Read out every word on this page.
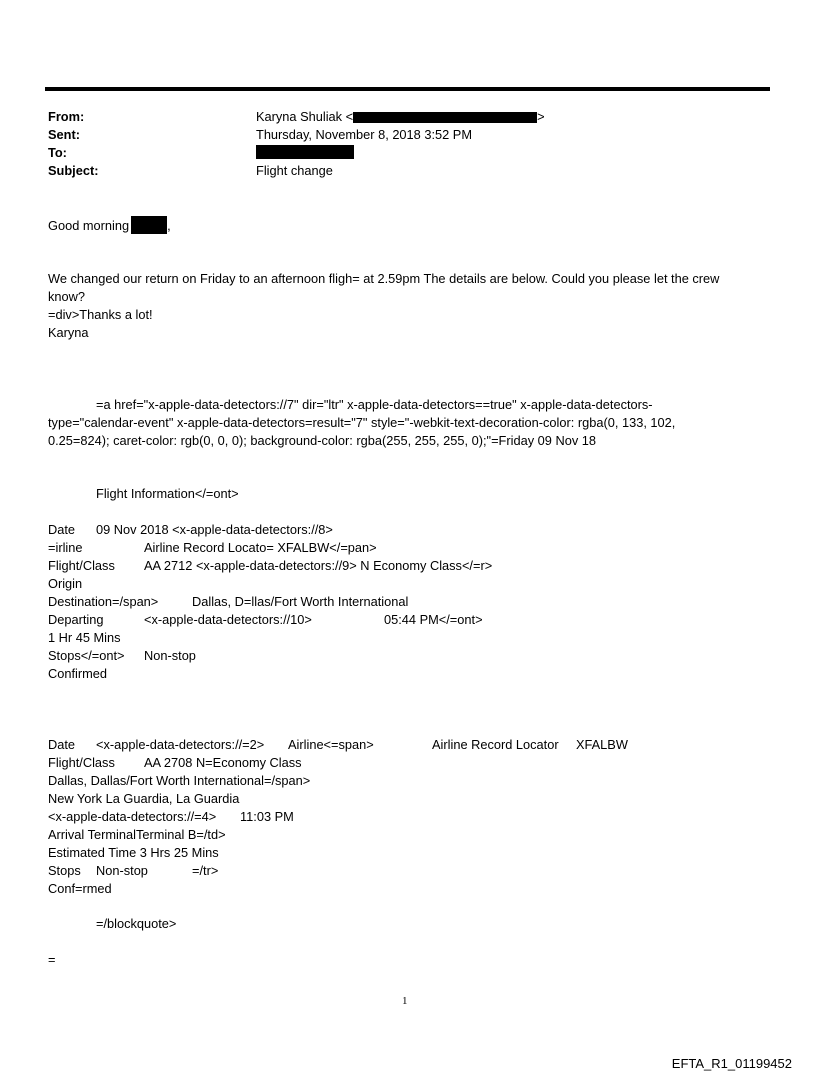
From:	Karyna Shuliak <	>
Sent:	Thursday, November 8, 2018 3:52 PM
To:
Subject:	Flight change
Good morning	,
We changed our return on Friday to an afternoon fligh= at 2.59pm The details are below. Could you please let the crew
know?
=div>Thanks a lot!
Karyna
=a href="x-apple-data-detectors://7" dir="ltr" x-apple-data-detectors==true" x-apple-data-detectors-
type="calendar-event" x-apple-data-detectors=result="7" style="-webkit-text-decoration-color: rgba(0, 133, 102,
0.25=824); caret-color: rgb(0, 0, 0); background-color: rgba(255, 255, 255, 0);"=Friday 09 Nov 18
Flight Information</=ont>
Date 09 Nov 2018 <x-apple-data-detectors://8>
=irline	Airline Record Locato= XFALBW</=pan>
Flight/Class AA 2712 <x-apple-data-detectors://9> N Economy Class</=r>
Origin
Destination=/span>	Dallas, D=llas/Fort Worth International
Departing	<x-apple-data-detectors://10>	05:44 PM</=ont>
1 Hr 45 Mins
Stops</=ont> Non-stop
Confirmed
Date <x-apple-data-detectors://=2> Airline<=span>	Airline Record Locator XFALBW
Flight/Class AA 2708 N=Economy Class
Dallas, Dallas/Fort Worth International=/span>
New York La Guardia, La Guardia
<x-apple-data-detectors://=4> 11:03 PM
Arrival TerminalTerminal B=/td>
Estimated Time 3 Hrs 25 Mins
Stops Non-stop	=/tr>
Conf=rmed
=/blockquote>
=
1
EFTA_R1_01199452
